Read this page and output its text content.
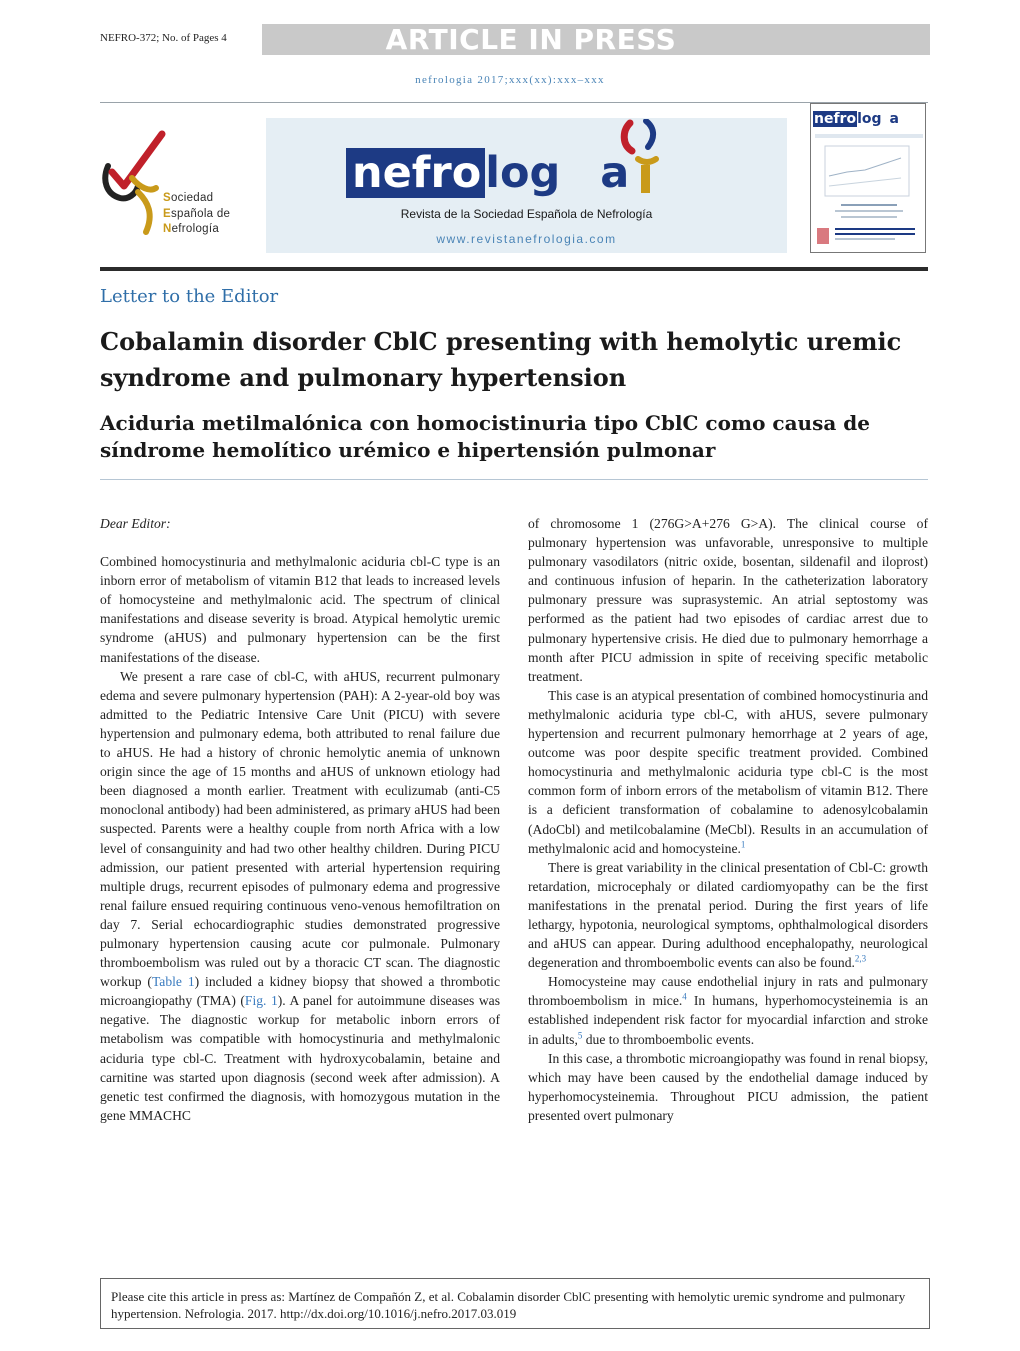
NEFRO-372; No. of Pages 4	ARTICLE IN PRESS
nefrologia 2017;xxx(xx):xxx–xxx
Sociedad
Española de
Nefrología
nefrolog a
Revista de la Sociedad Española de Nefrología
www.revistanefrologia.com
nefrolog a
Letter to the Editor
Cobalamin disorder CblC presenting with hemolytic uremic syndrome and pulmonary hypertension
Aciduria metilmalónica con homocistinuria tipo CblC como causa de síndrome hemolítico urémico e hipertensión pulmonar

Dear Editor:

Combined homocystinuria and methylmalonic aciduria cbl-C type is an inborn error of metabolism of vitamin B12 that leads to increased levels of homocysteine and methylmalonic acid. The spectrum of clinical manifestations and disease severity is broad. Atypical hemolytic uremic syndrome (aHUS) and pulmonary hypertension can be the first manifestations of the disease.

We present a rare case of cbl-C, with aHUS, recurrent pulmonary edema and severe pulmonary hypertension (PAH): A 2-year-old boy was admitted to the Pediatric Intensive Care Unit (PICU) with severe hypertension and pulmonary edema, both attributed to renal failure due to aHUS. He had a history of chronic hemolytic anemia of unknown origin since the age of 15 months and aHUS of unknown etiology had been diagnosed a month earlier. Treatment with eculizumab (anti-C5 monoclonal antibody) had been administered, as primary aHUS had been suspected. Parents were a healthy couple from north Africa with a low level of consanguinity and had two other healthy children. During PICU admission, our patient presented with arterial hypertension requiring multiple drugs, recurrent episodes of pulmonary edema and progressive renal failure ensued requiring continuous veno-venous hemofiltration on day 7. Serial echocardiographic studies demonstrated progressive pulmonary hypertension causing acute cor pulmonale. Pulmonary thromboembolism was ruled out by a thoracic CT scan. The diagnostic workup (Table 1) included a kidney biopsy that showed a thrombotic microangiopathy (TMA) (Fig. 1). A panel for autoimmune diseases was negative. The diagnostic workup for metabolic inborn errors of metabolism was compatible with homocystinuria and methylmalonic aciduria type cbl-C. Treatment with hydroxycobalamin, betaine and carnitine was started upon diagnosis (second week after admission). A genetic test confirmed the diagnosis, with homozygous mutation in the gene MMACHC

of chromosome 1 (276G>A+276 G>A). The clinical course of pulmonary hypertension was unfavorable, unresponsive to multiple pulmonary vasodilators (nitric oxide, bosentan, sildenafil and iloprost) and continuous infusion of heparin. In the catheterization laboratory pulmonary pressure was suprasystemic. An atrial septostomy was performed as the patient had two episodes of cardiac arrest due to pulmonary hypertensive crisis. He died due to pulmonary hemorrhage a month after PICU admission in spite of receiving specific metabolic treatment.

This case is an atypical presentation of combined homocystinuria and methylmalonic aciduria type cbl-C, with aHUS, severe pulmonary hypertension and recurrent pulmonary hemorrhage at 2 years of age, outcome was poor despite specific treatment provided. Combined homocystinuria and methylmalonic aciduria type cbl-C is the most common form of inborn errors of the metabolism of vitamin B12. There is a deficient transformation of cobalamine to adenosylcobalamin (AdoCbl) and metilcobalamine (MeCbl). Results in an accumulation of methylmalonic acid and homocysteine.$^1$

There is great variability in the clinical presentation of Cbl-C: growth retardation, microcephaly or dilated cardiomyopathy can be the first manifestations in the prenatal period. During the first years of life lethargy, hypotonia, neurological symptoms, ophthalmological disorders and aHUS can appear. During adulthood encephalopathy, neurological degeneration and thromboembolic events can also be found.$^{2,3}$

Homocysteine may cause endothelial injury in rats and pulmonary thromboembolism in mice.$^4$ In humans, hyperhomocysteinemia is an established independent risk factor for myocardial infarction and stroke in adults,$^5$ due to thromboembolic events.

In this case, a thrombotic microangiopathy was found in renal biopsy, which may have been caused by the endothelial damage induced by hyperhomocysteinemia. Throughout PICU admission, the patient presented overt pulmonary

Please cite this article in press as: Martínez de Compañón Z, et al. Cobalamin disorder CblC presenting with hemolytic uremic syndrome and pulmonary hypertension. Nefrologia. 2017. http://dx.doi.org/10.1016/j.nefro.2017.03.019
